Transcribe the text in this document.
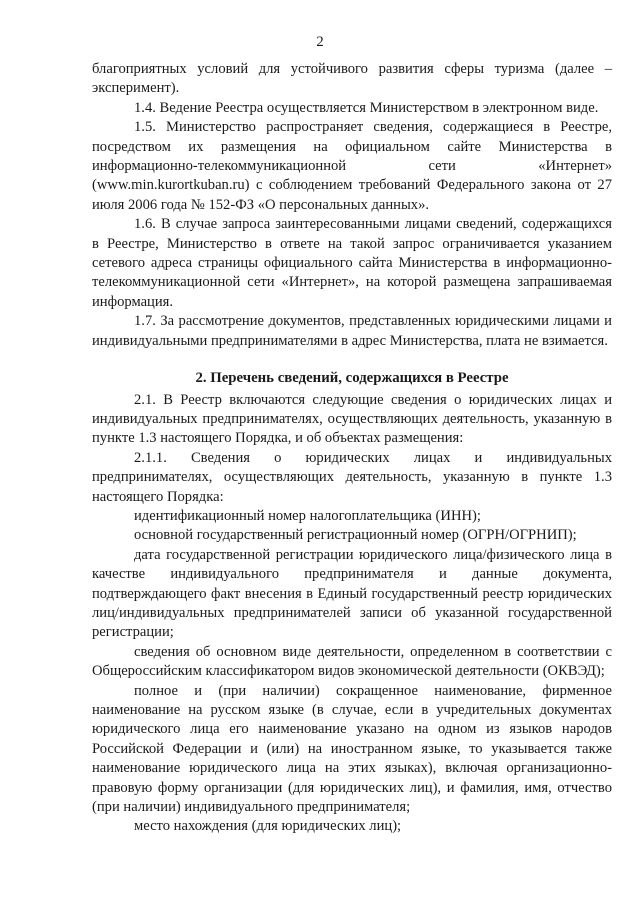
2

благоприятных условий для устойчивого развития сферы туризма (далее – эксперимент).

1.4. Ведение Реестра осуществляется Министерством в электронном виде.

1.5. Министерство распространяет сведения, содержащиеся в Реестре, посредством их размещения на официальном сайте Министерства в информационно-телекоммуникационной сети «Интернет» (www.min.kurortkuban.ru) с соблюдением требований Федерального закона от 27 июля 2006 года № 152-ФЗ «О персональных данных».

1.6. В случае запроса заинтересованными лицами сведений, содержащихся в Реестре, Министерство в ответе на такой запрос ограничивается указанием сетевого адреса страницы официального сайта Министерства в информационно-телекоммуникационной сети «Интернет», на которой размещена запрашиваемая информация.

1.7. За рассмотрение документов, представленных юридическими лицами и индивидуальными предпринимателями в адрес Министерства, плата не взимается.

2. Перечень сведений, содержащихся в Реестре

2.1. В Реестр включаются следующие сведения о юридических лицах и индивидуальных предпринимателях, осуществляющих деятельность, указанную в пункте 1.3 настоящего Порядка, и об объектах размещения:

2.1.1. Сведения о юридических лицах и индивидуальных предпринимателях, осуществляющих деятельность, указанную в пункте 1.3 настоящего Порядка:

идентификационный номер налогоплательщика (ИНН);

основной государственный регистрационный номер (ОГРН/ОГРНИП);

дата государственной регистрации юридического лица/физического лица в качестве индивидуального предпринимателя и данные документа, подтверждающего факт внесения в Единый государственный реестр юридических лиц/индивидуальных предпринимателей записи об указанной государственной регистрации;

сведения об основном виде деятельности, определенном в соответствии с Общероссийским классификатором видов экономической деятельности (ОКВЭД);

полное и (при наличии) сокращенное наименование, фирменное наименование на русском языке (в случае, если в учредительных документах юридического лица его наименование указано на одном из языков народов Российской Федерации и (или) на иностранном языке, то указывается также наименование юридического лица на этих языках), включая организационно-правовую форму организации (для юридических лиц), и фамилия, имя, отчество (при наличии) индивидуального предпринимателя;

место нахождения (для юридических лиц);
